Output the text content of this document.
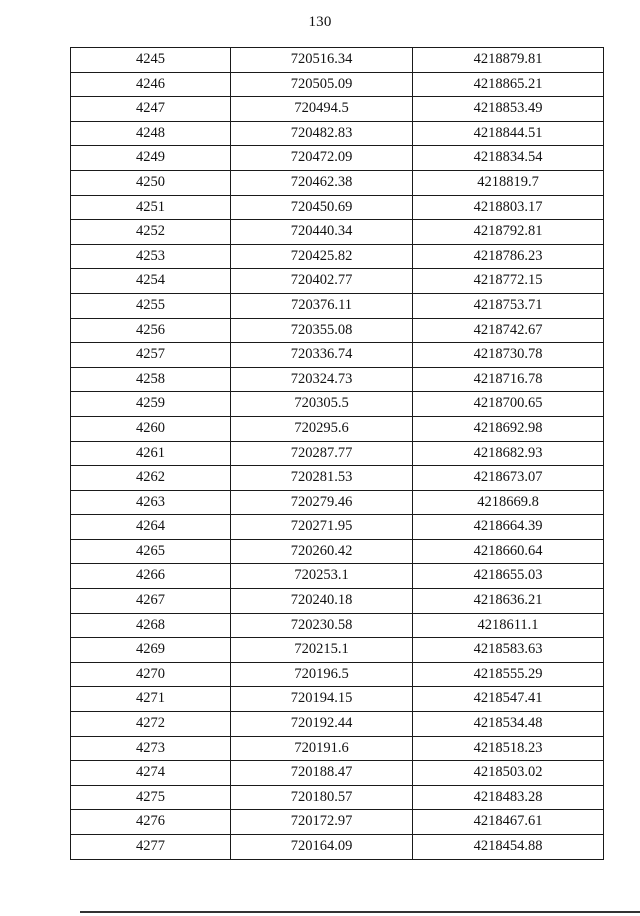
130
4245	720516.34	4218879.81
4246	720505.09	4218865.21
4247	720494.5	4218853.49
4248	720482.83	4218844.51
4249	720472.09	4218834.54
4250	720462.38	4218819.7
4251	720450.69	4218803.17
4252	720440.34	4218792.81
4253	720425.82	4218786.23
4254	720402.77	4218772.15
4255	720376.11	4218753.71
4256	720355.08	4218742.67
4257	720336.74	4218730.78
4258	720324.73	4218716.78
4259	720305.5	4218700.65
4260	720295.6	4218692.98
4261	720287.77	4218682.93
4262	720281.53	4218673.07
4263	720279.46	4218669.8
4264	720271.95	4218664.39
4265	720260.42	4218660.64
4266	720253.1	4218655.03
4267	720240.18	4218636.21
4268	720230.58	4218611.1
4269	720215.1	4218583.63
4270	720196.5	4218555.29
4271	720194.15	4218547.41
4272	720192.44	4218534.48
4273	720191.6	4218518.23
4274	720188.47	4218503.02
4275	720180.57	4218483.28
4276	720172.97	4218467.61
4277	720164.09	4218454.88
